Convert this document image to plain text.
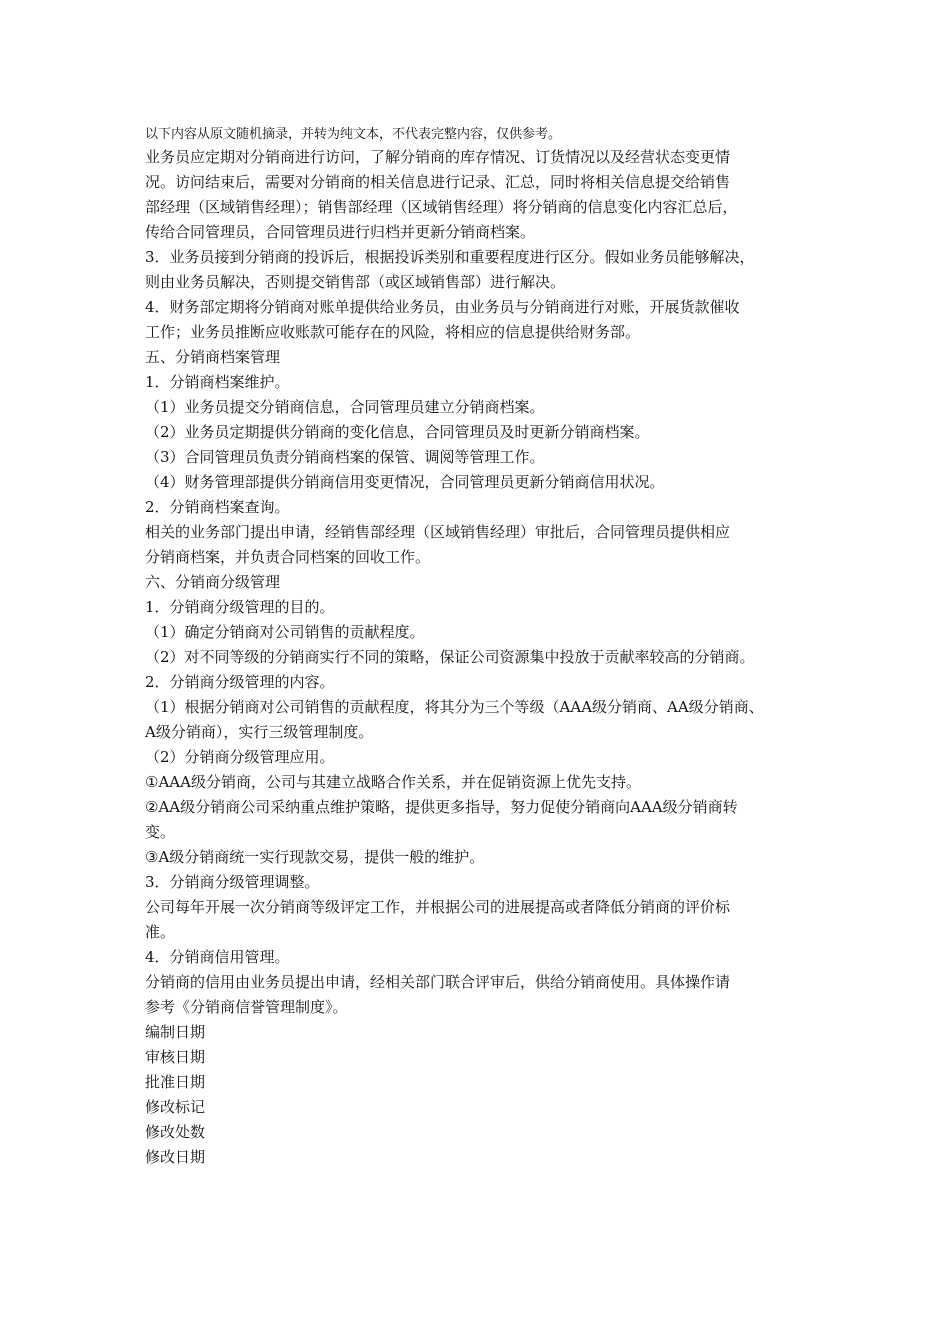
以下内容从原文随机摘录，并转为纯文本，不代表完整内容，仅供参考。

业务员应定期对分销商进行访问，了解分销商的库存情况、订货情况以及经营状态变更情

况。访问结束后，需要对分销商的相关信息进行记录、汇总，同时将相关信息提交给销售

部经理（区域销售经理）；销售部经理（区域销售经理）将分销商的信息变化内容汇总后，

传给合同管理员，合同管理员进行归档并更新分销商档案。

3．业务员接到分销商的投诉后，根据投诉类别和重要程度进行区分。假如业务员能够解决，

则由业务员解决，否则提交销售部（或区域销售部）进行解决。

4．财务部定期将分销商对账单提供给业务员，由业务员与分销商进行对账，开展货款催收

工作；业务员推断应收账款可能存在的风险，将相应的信息提供给财务部。

五、分销商档案管理

1．分销商档案维护。

（1）业务员提交分销商信息，合同管理员建立分销商档案。

（2）业务员定期提供分销商的变化信息，合同管理员及时更新分销商档案。

（3）合同管理员负责分销商档案的保管、调阅等管理工作。

（4）财务管理部提供分销商信用变更情况，合同管理员更新分销商信用状况。

2．分销商档案查询。

相关的业务部门提出申请，经销售部经理（区域销售经理）审批后，合同管理员提供相应

分销商档案，并负责合同档案的回收工作。

六、分销商分级管理

1．分销商分级管理的目的。

（1）确定分销商对公司销售的贡献程度。

（2）对不同等级的分销商实行不同的策略，保证公司资源集中投放于贡献率较高的分销商。

2．分销商分级管理的内容。

（1）根据分销商对公司销售的贡献程度，将其分为三个等级（AAA级分销商、AA级分销商、

A级分销商），实行三级管理制度。

（2）分销商分级管理应用。

①AAA级分销商，公司与其建立战略合作关系，并在促销资源上优先支持。

②AA级分销商公司采纳重点维护策略，提供更多指导，努力促使分销商向AAA级分销商转

变。

③A级分销商统一实行现款交易，提供一般的维护。

3．分销商分级管理调整。

公司每年开展一次分销商等级评定工作，并根据公司的进展提高或者降低分销商的评价标

准。

4．分销商信用管理。

分销商的信用由业务员提出申请，经相关部门联合评审后，供给分销商使用。具体操作请

参考《分销商信誉管理制度》。

编制日期

审核日期

批准日期

修改标记

修改处数

修改日期
